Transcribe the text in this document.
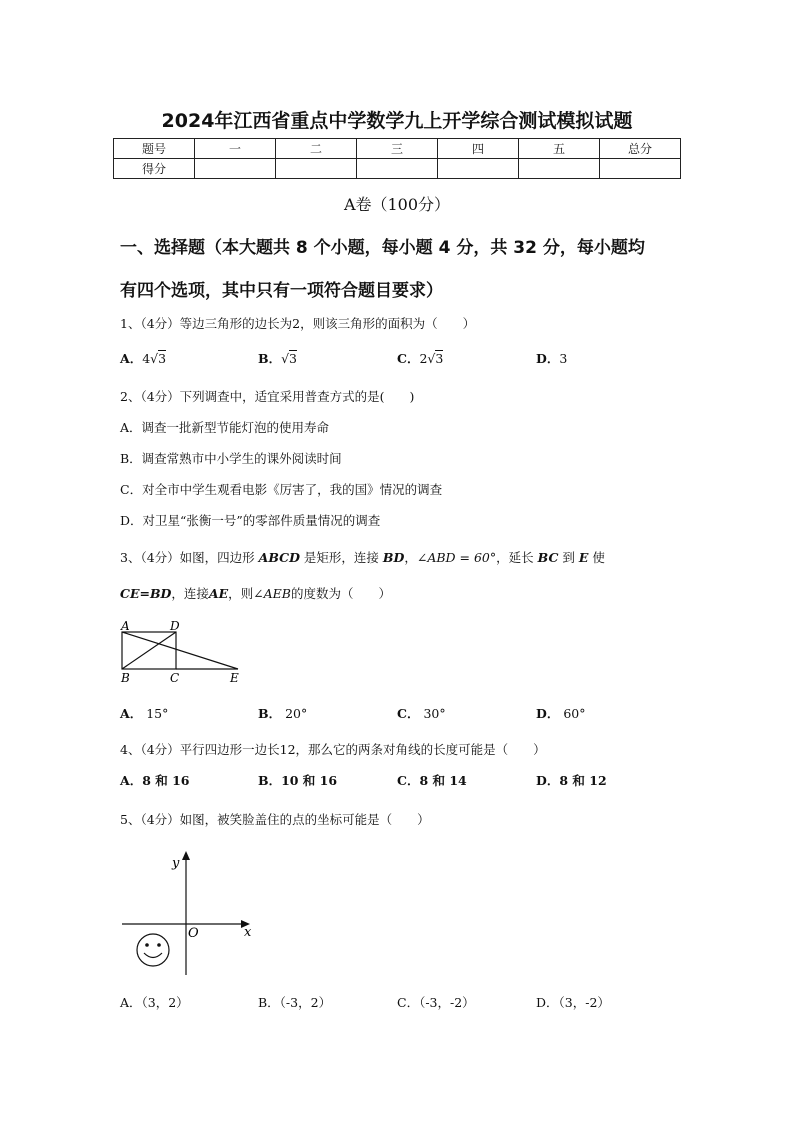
2024年江西省重点中学数学九上开学综合测试模拟试题
题号	一	二	三	四	五	总分
得分						
A卷（100分）
一、选择题（本大题共 8 个小题，每小题 4 分，共 32 分，每小题均
有四个选项，其中只有一项符合题目要求）
1、（4分）等边三角形的边长为2，则该三角形的面积为（　　）
A．4√3	B．√3	C．2√3	D．3
2、（4分）下列调查中，适宜采用普查方式的是(　　)
A．调查一批新型节能灯泡的使用寿命
B．调查常熟市中小学生的课外阅读时间
C．对全市中学生观看电影《厉害了，我的国》情况的调查
D．对卫星“张衡一号”的零部件质量情况的调查
3、（4分）如图，四边形 ABCD 是矩形，连接 BD，∠ABD = 60°，延长 BC 到 E 使
CE=BD，连接AE，则∠AEB的度数为（　　）
A	D
B	C	E
A． 15°	B． 20°	C． 30°	D． 60°
4、（4分）平行四边形一边长12，那么它的两条对角线的长度可能是（　　）
A．8 和 16	B．10 和 16	C．8 和 14	D．8 和 12
5、（4分）如图，被笑脸盖住的点的坐标可能是（　　）
y
x
O
A．（3，2）	B．（-3，2）	C．（-3，-2）	D．（3，-2）
